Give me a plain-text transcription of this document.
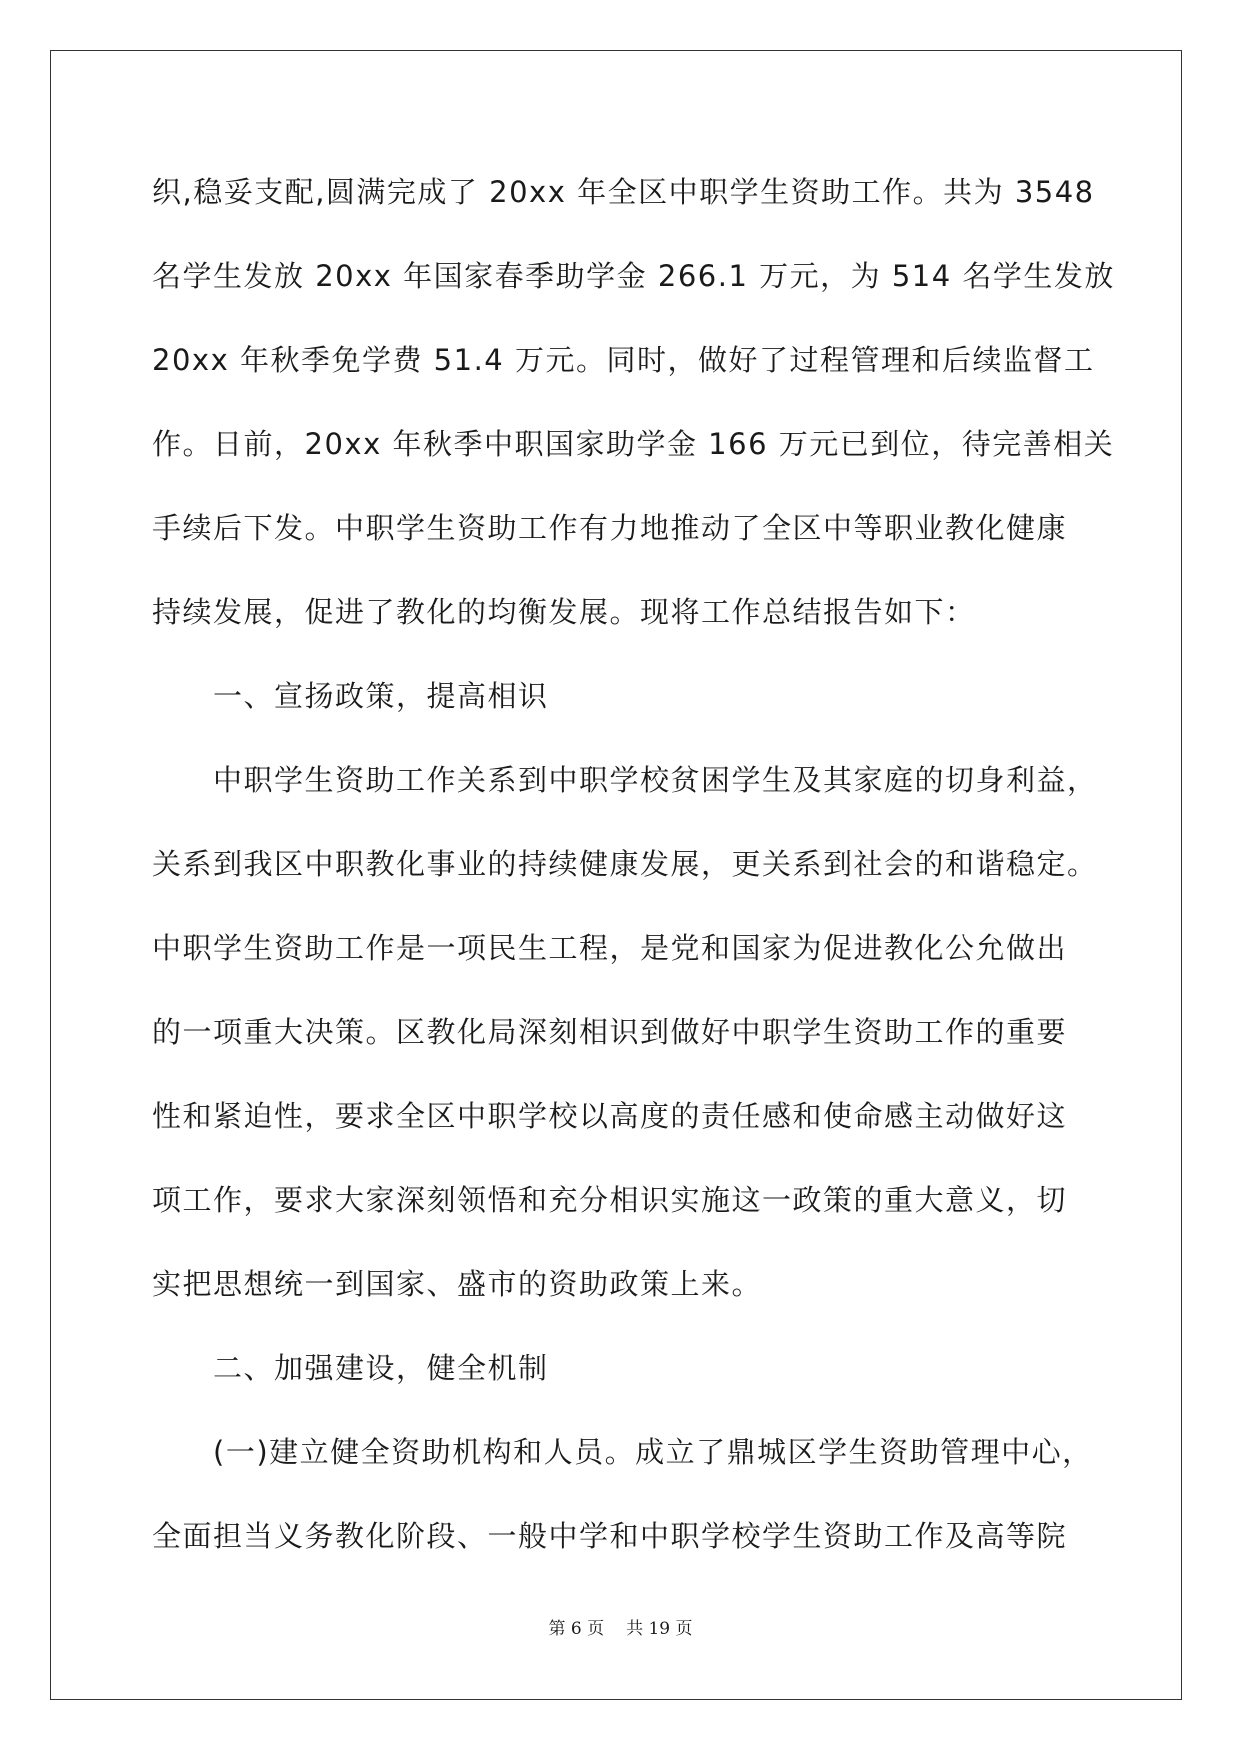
织,稳妥支配,圆满完成了 20xx 年全区中职学生资助工作。共为 3548
名学生发放 20xx 年国家春季助学金 266.1 万元，为 514 名学生发放
20xx 年秋季免学费 51.4 万元。同时，做好了过程管理和后续监督工
作。日前，20xx 年秋季中职国家助学金 166 万元已到位，待完善相关
手续后下发。中职学生资助工作有力地推动了全区中等职业教化健康
持续发展，促进了教化的均衡发展。现将工作总结报告如下：
　　一、宣扬政策，提高相识
　　中职学生资助工作关系到中职学校贫困学生及其家庭的切身利益，
关系到我区中职教化事业的持续健康发展，更关系到社会的和谐稳定。
中职学生资助工作是一项民生工程，是党和国家为促进教化公允做出
的一项重大决策。区教化局深刻相识到做好中职学生资助工作的重要
性和紧迫性，要求全区中职学校以高度的责任感和使命感主动做好这
项工作，要求大家深刻领悟和充分相识实施这一政策的重大意义，切
实把思想统一到国家、盛市的资助政策上来。
　　二、加强建设，健全机制
　　(一)建立健全资助机构和人员。成立了鼎城区学生资助管理中心，
全面担当义务教化阶段、一般中学和中职学校学生资助工作及高等院
第 6 页 共 19 页
